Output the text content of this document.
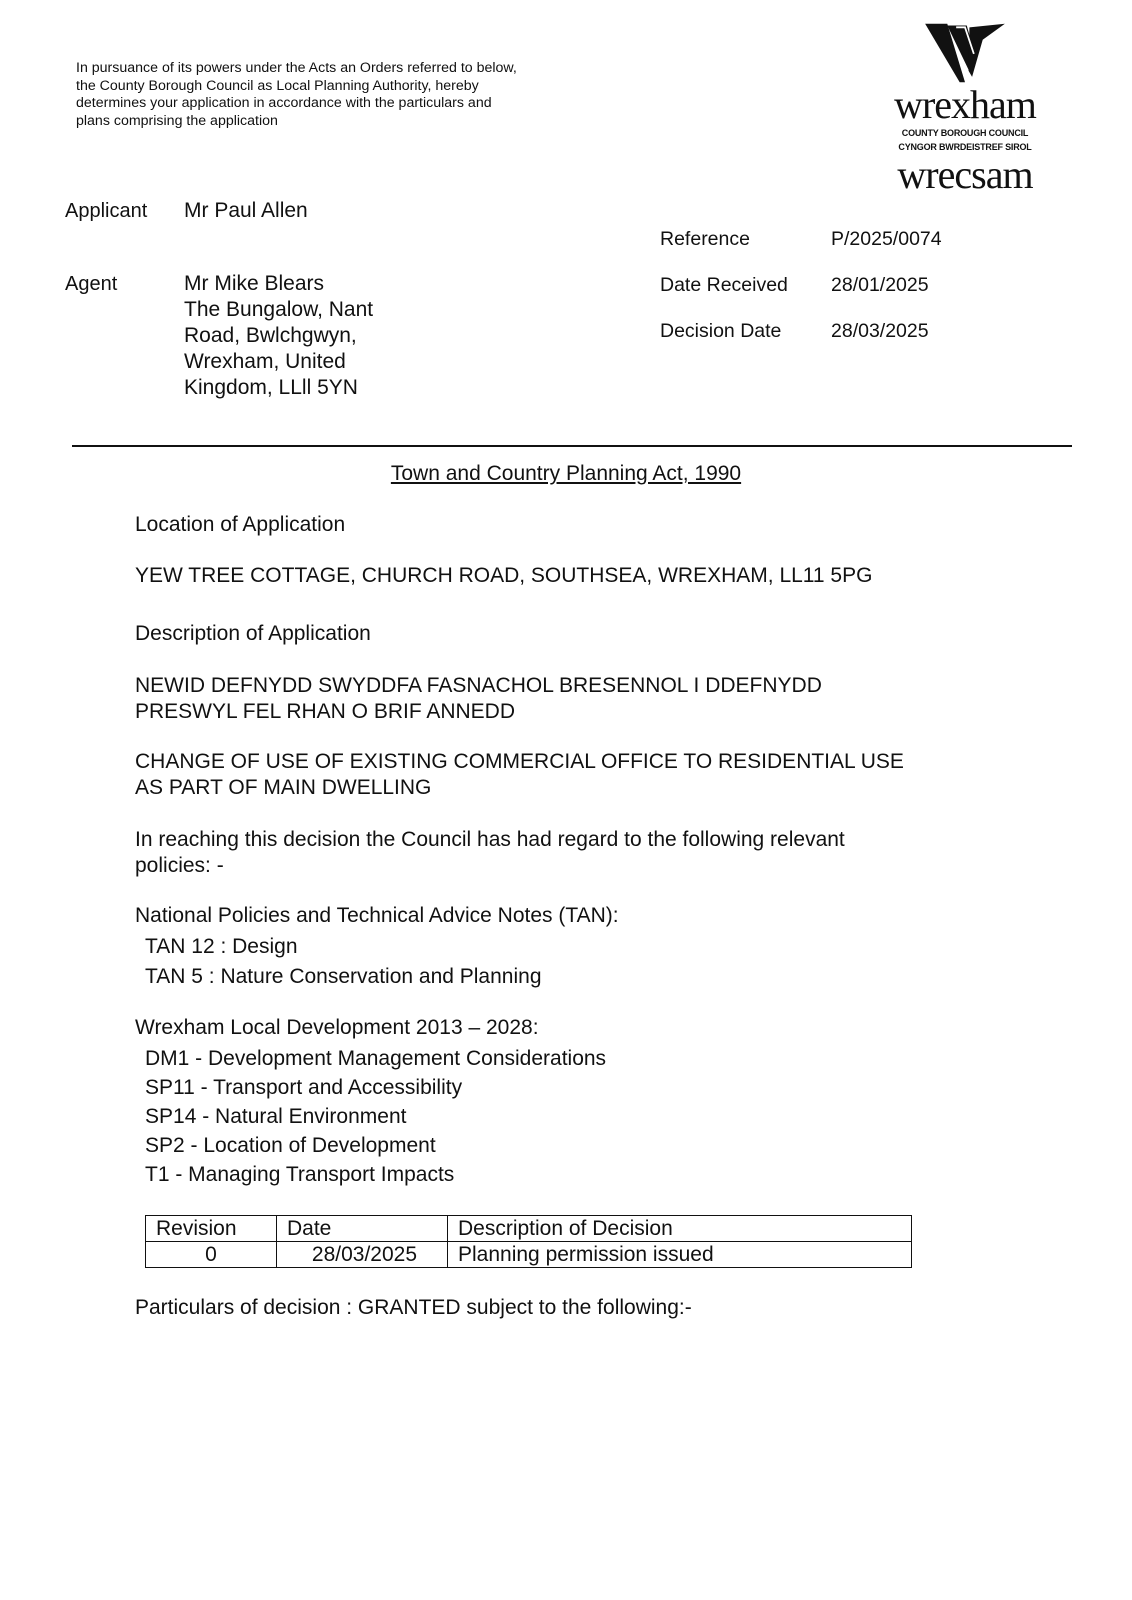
In pursuance of its powers under the Acts an Orders referred to below, the County Borough Council as Local Planning Authority, hereby determines your application in accordance with the particulars and plans comprising the application	wrexham
COUNTY BOROUGH COUNCIL
CYNGOR BWRDEISTREF SIROL
wrecsam
Applicant Mr Paul Allen
Agent	Mr Mike Blears
The Bungalow, Nant
Road, Bwlchgwyn,
Wrexham, United
Kingdom, LLll 5YN
Reference	P/2025/0074
Date Received 28/01/2025
Decision Date	28/03/2025
Town and Country Planning Act, 1990
Location of Application
YEW TREE COTTAGE, CHURCH ROAD, SOUTHSEA, WREXHAM, LL11 5PG
Description of Application
NEWID DEFNYDD SWYDDFA FASNACHOL BRESENNOL I DDEFNYDD
PRESWYL FEL RHAN O BRIF ANNEDD
CHANGE OF USE OF EXISTING COMMERCIAL OFFICE TO RESIDENTIAL USE
AS PART OF MAIN DWELLING
In reaching this decision the Council has had regard to the following relevant
policies: -
National Policies and Technical Advice Notes (TAN):
TAN 12 : Design
TAN 5 : Nature Conservation and Planning
Wrexham Local Development 2013 – 2028:
DM1 - Development Management Considerations
SP11 - Transport and Accessibility
SP14 - Natural Environment
SP2 - Location of Development
T1 - Managing Transport Impacts
Revision	Date	Description of Decision
0	28/03/2025	Planning permission issued
Particulars of decision : GRANTED subject to the following:-
